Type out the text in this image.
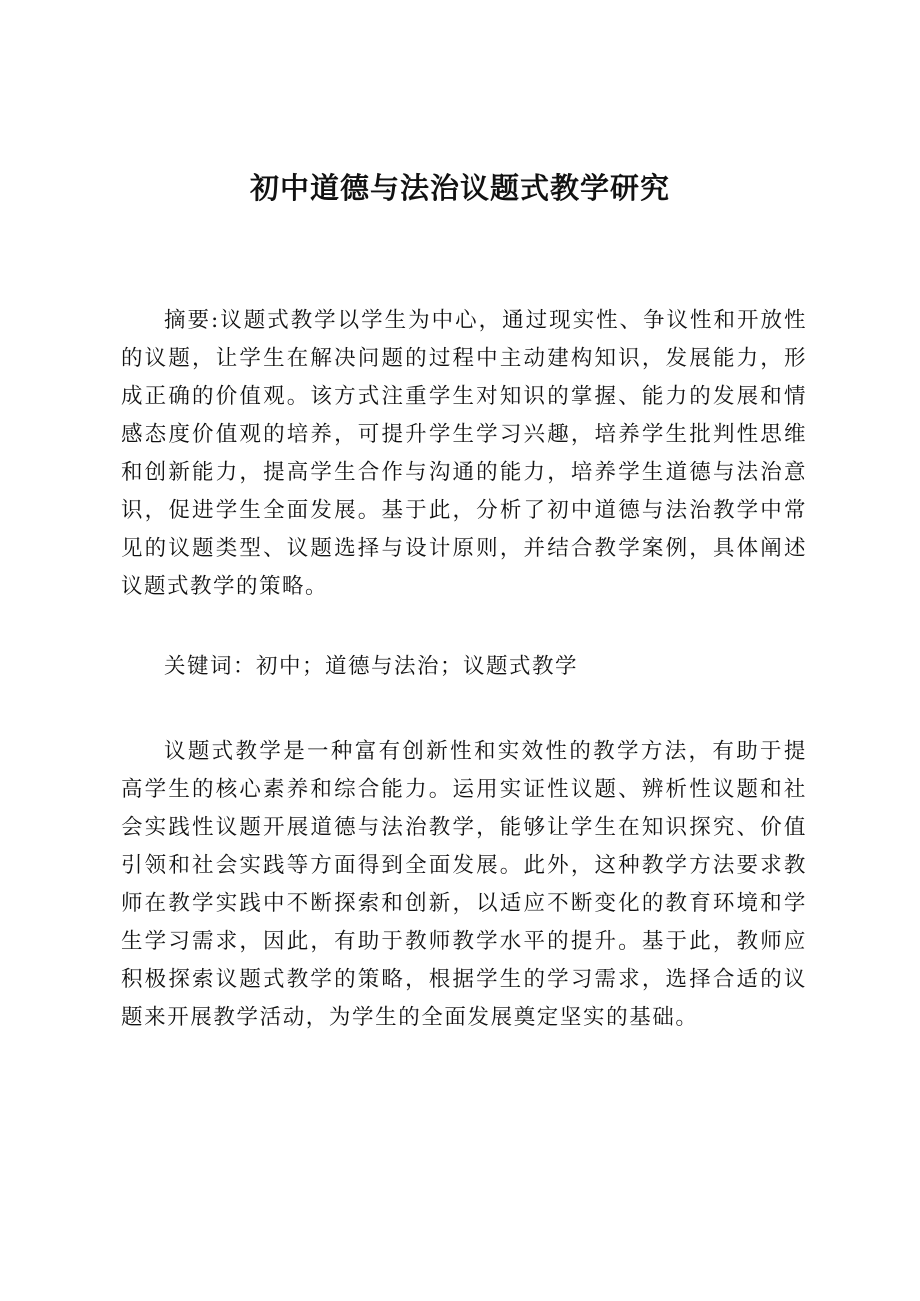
初中道德与法治议题式教学研究

摘要:议题式教学以学生为中心，通过现实性、争议性和开放性的议题，让学生在解决问题的过程中主动建构知识，发展能力，形成正确的价值观。该方式注重学生对知识的掌握、能力的发展和情感态度价值观的培养，可提升学生学习兴趣，培养学生批判性思维和创新能力，提高学生合作与沟通的能力，培养学生道德与法治意识，促进学生全面发展。基于此，分析了初中道德与法治教学中常见的议题类型、议题选择与设计原则，并结合教学案例，具体阐述议题式教学的策略。

关键词：初中；道德与法治；议题式教学

议题式教学是一种富有创新性和实效性的教学方法，有助于提高学生的核心素养和综合能力。运用实证性议题、辨析性议题和社会实践性议题开展道德与法治教学，能够让学生在知识探究、价值引领和社会实践等方面得到全面发展。此外，这种教学方法要求教师在教学实践中不断探索和创新，以适应不断变化的教育环境和学生学习需求，因此，有助于教师教学水平的提升。基于此，教师应积极探索议题式教学的策略，根据学生的学习需求，选择合适的议题来开展教学活动，为学生的全面发展奠定坚实的基础。
